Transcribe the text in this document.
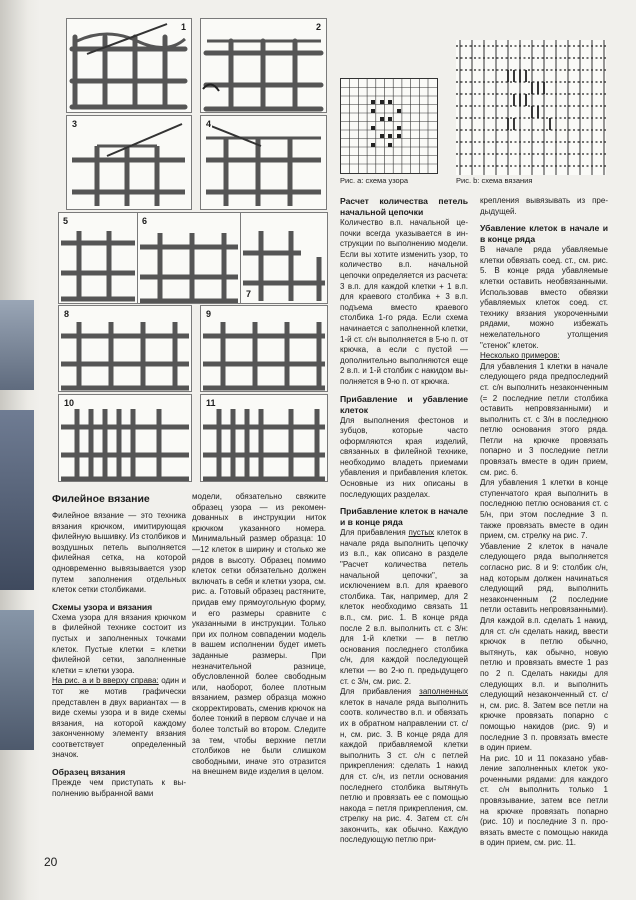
1	2
3	4
5	6
7
8	9
10	11
Рис. а: схема узора	Рис. b: схема вязания

Филейное вязание

Филейное вязание — это техника вязания крючком, имитирующая филейную вышивку. Из столбиков и воздушных петель выполняется филейная сетка, на которой одновременно вывязывается узор путем заполнения отдельных клеток сетки столбиками.

Схемы узора и вязания

Схема узора для вязания крючком в филейной технике состоит из пустых и заполненных точками клеток. Пустые клетки = клетки филейной сетки, заполненные клетки = клетки узора.

На рис. а и b вверху справа: один и тот же мотив графически представлен в двух вариантах — в виде схемы узора и в виде схемы вязания, на которой каждому законченному элементу вязания соответствует определенный значок.

Образец вязания

Прежде чем приступать к выполнению выбранной вами

модели, обязательно свяжите образец узора — из рекомендованных в инструкции ниток крючком указанного номера. Минимальный размер образца: 10—12 клеток в ширину и столько же рядов в высоту. Образец помимо клеток сетки обязательно должен включать в себя и клетки узора, см. рис. а. Готовый образец растяните, придав ему прямоугольную форму, и его размеры сравните с указанными в инструкции. Только при их полном совпадении модель в вашем исполнении будет иметь заданные размеры. При незначительной разнице, обусловленной более свободным или, наоборот, более плотным вязанием, размер образца можно скорректировать, сменив крючок на более тонкий в первом случае и на более толстый во втором. Следите за тем, чтобы верхние петли столбиков не были слишком свободными, иначе это отразится на внешнем виде изделия в целом.

Расчет количества петель начальной цепочки

Количество в.п. начальной цепочки всегда указывается в инструкции по выполнению модели. Если вы хотите изменить узор, то количество в.п. начальной цепочки определяется из расчета: 3 в.п. для каждой клетки + 1 в.п. для краевого столбика + 3 в.п. подъема вместо краевого столбика 1-го ряда. Если схема начинается с заполненной клетки, 1-й ст. с/н выполняется в 5-ю п. от крючка, а если с пустой — дополнительно выполняются еще 2 в.п. и 1-й столбик с накидом выполняется в 9-ю п. от крючка.

Прибавление и убавление клеток

Для выполнения фестонов и зубцов, которые часто оформляются края изделий, связанных в филейной технике, необходимо владеть приемами убавления и прибавления клеток. Основные из них описаны в последующих разделах.

Прибавление клеток в начале и в конце ряда

Для прибавления пустых клеток в начале ряда выполнить цепочку из в.п., как описано в разделе "Расчет количества петель начальной цепочки", за исключением в.п. для краевого столбика. Так, например, для 2 клеток необходимо связать 11 в.п., см. рис. 1. В конце ряда после 2 в.п. выполнить ст. с 3/н: для 1-й клетки — в петлю основания последнего столбика с/н, для каждой последующей клетки — во 2-ю п. предыдущего ст. с 3/н, см. рис. 2.

Для прибавления заполненных клеток в начале ряда выполнить соотв. количество в.п. и обвязать их в обратном направлении ст. с/н, см. рис. 3. В конце ряда для каждой прибавляемой клетки выполнить 3 ст. с/н с петлей прикрепления: сделать 1 накид для ст. с/н, из петли основания последнего столбика вытянуть петлю и провязать ее с помощью накода = петля прикрепления, см. стрелку на рис. 4. Затем ст. с/н закончить, как обычно. Каждую последующую петлю при-

крепления вывязывать из предыдущей.

Убавление клеток в начале и в конце ряда

В начале ряда убавляемые клетки обвязать соед. ст., см. рис. 5. В конце ряда убавляемые клетки оставить необвязанными. Использовав вместо обвязки убавляемых клеток соед. ст. технику вязания укороченными рядами, можно избежать нежелательного утолщения "стенок" клеток.

Несколько примеров:

Для убавления 1 клетки в начале следующего ряда предпоследний ст. с/н выполнить незаконченным (= 2 последние петли столбика оставить непровязанными) и выполнить ст. с 3/н в последнюю петлю основания этого ряда. Петли на крючке провязать попарно и 3 последние петли провязать вместе в один прием, см. рис. 6.

Для убавления 1 клетки в конце ступенчатого края выполнить в последнюю петлю основания ст. с 5/н, при этом последние 3 п. также провязать вместе в один прием, см. стрелку на рис. 7.

Убавление 2 клеток в начале следующего ряда выполняется согласно рис. 8 и 9: столбик с/н, над которым должен начинаться следующий ряд, выполнить незаконченным (2 последние петли оставить непровязанными). Для каждой в.п. сделать 1 накид, для ст. с/н сделать накид, ввести крючок в петлю обычно, вытянуть, как обычно, новую петлю и провязать вместе 1 раз по 2 п. Сделать накиды для следующих в.п. и выполнить следующий незаконченный ст. с/н, см. рис. 8. Затем все петли на крючке провязать попарно с помощью накидов (рис. 9) и последние 3 п. провязать вместе в один прием.

На рис. 10 и 11 показано убавление заполненных клеток укороченными рядами: для каждого ст. с/н выполнить только 1 провязывание, затем все петли на крючке провязать попарно (рис. 10) и последние 3 п. провязать вместе с помощью накида в один прием, см. рис. 11.

20
